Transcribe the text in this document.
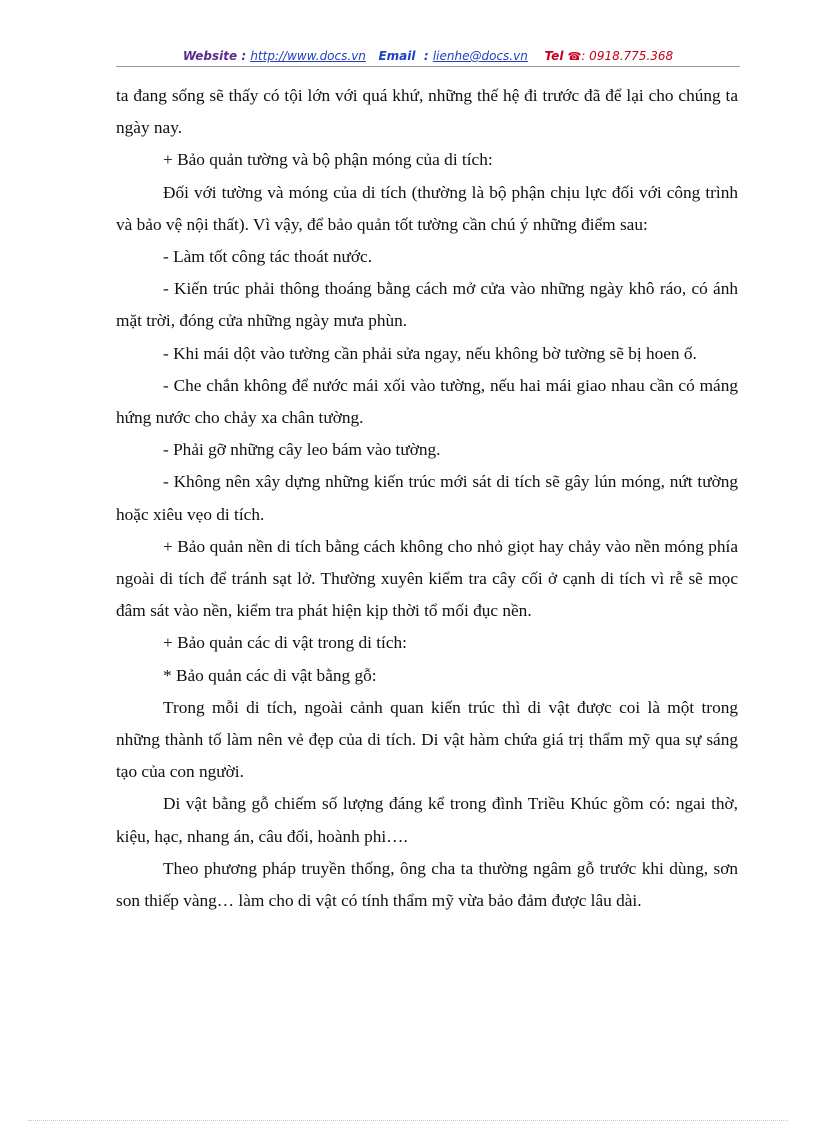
Website : http://www.docs.vn Email : lienhe@docs.vn Tel ☎: 0918.775.368

ta đang sống sẽ thấy có tội lớn với quá khứ, những thế hệ đi trước đã để lại cho chúng ta ngày nay.

+ Bảo quản tường và bộ phận móng của di tích:

Đối với tường và móng của di tích (thường là bộ phận chịu lực đối với công trình và bảo vệ nội thất). Vì vậy, để bảo quản tốt tường cần chú ý những điểm sau:

- Làm tốt công tác thoát nước.

- Kiến trúc phải thông thoáng bằng cách mở cửa vào những ngày khô ráo, có ánh mặt trời, đóng cửa những ngày mưa phùn.

- Khi mái dột vào tường cần phải sửa ngay, nếu không bờ tường sẽ bị hoen ố.

- Che chắn không để nước mái xối vào tường, nếu hai mái giao nhau cần có máng hứng nước cho chảy xa chân tường.

- Phải gỡ những cây leo bám vào tường.

- Không nên xây dựng những kiến trúc mới sát di tích sẽ gây lún móng, nứt tường hoặc xiêu vẹo di tích.

+ Bảo quản nền di tích bằng cách không cho nhỏ giọt hay chảy vào nền móng phía ngoài di tích để tránh sạt lở. Thường xuyên kiểm tra cây cối ở cạnh di tích vì rễ sẽ mọc đâm sát vào nền, kiểm tra phát hiện kịp thời tổ mối đục nền.

+ Bảo quản các di vật trong di tích:

* Bảo quản các di vật bằng gỗ:

Trong mỗi di tích, ngoài cảnh quan kiến trúc thì di vật được coi là một trong những thành tố làm nên vẻ đẹp của di tích. Di vật hàm chứa giá trị thẩm mỹ qua sự sáng tạo của con người.

Di vật bằng gỗ chiếm số lượng đáng kể trong đình Triều Khúc gồm có: ngai thờ, kiệu, hạc, nhang án, câu đối, hoành phi….

Theo phương pháp truyền thống, ông cha ta thường ngâm gỗ trước khi dùng, sơn son thiếp vàng… làm cho di vật có tính thẩm mỹ vừa bảo đảm được lâu dài.
